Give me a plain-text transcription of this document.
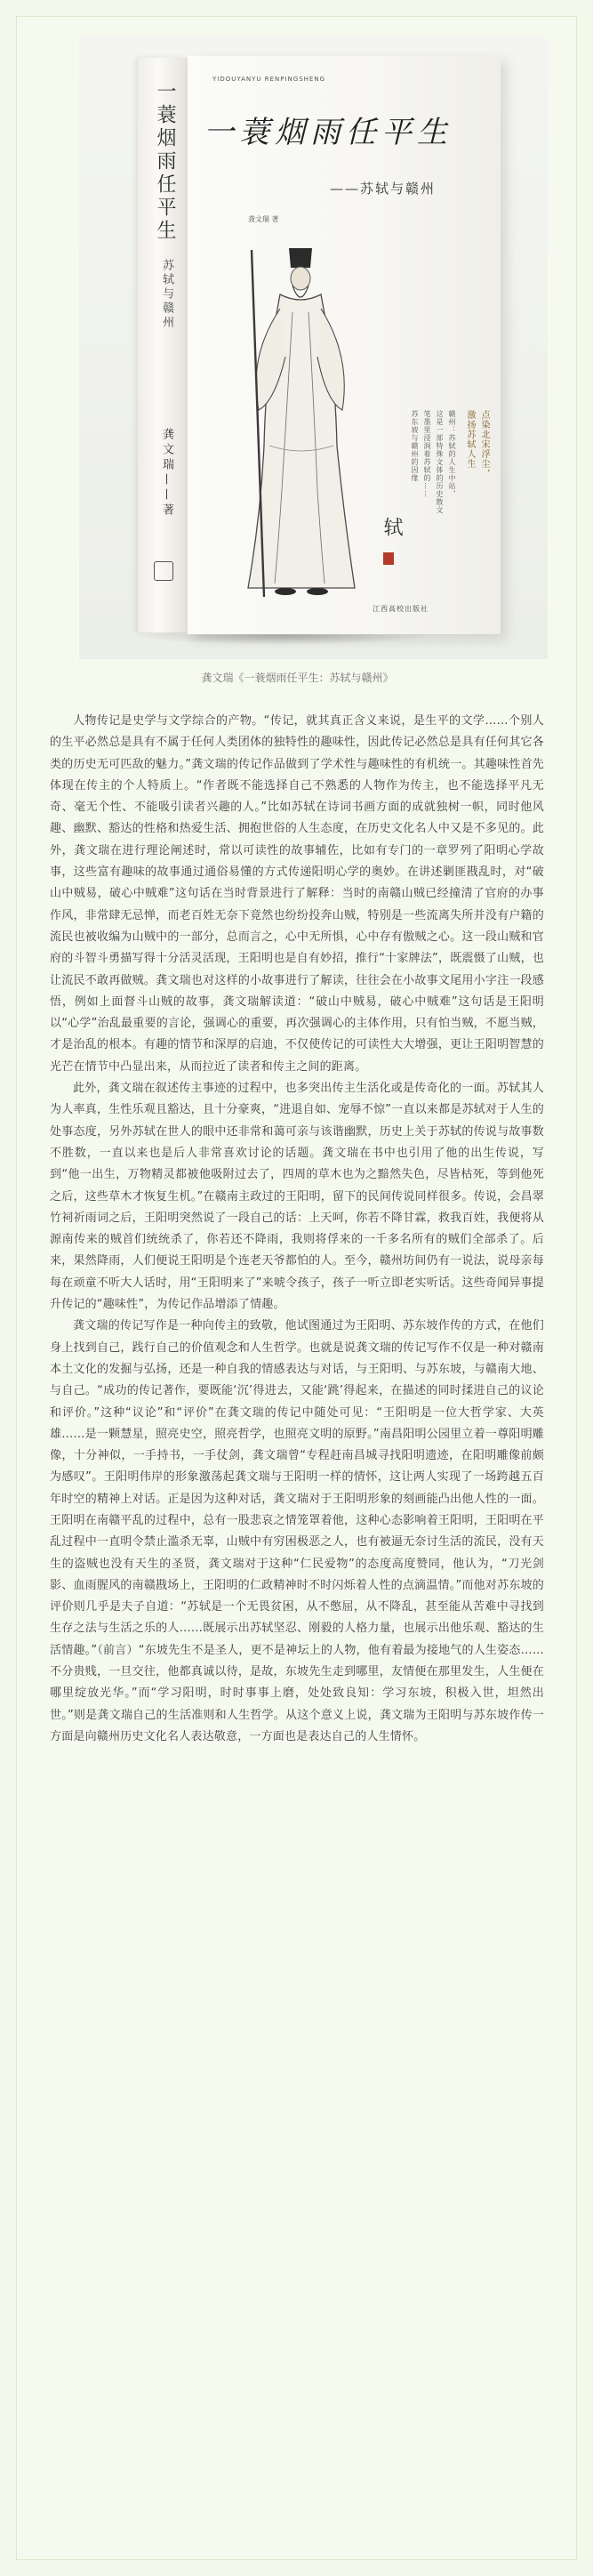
一蓑烟雨任平生
苏轼与赣州
龚文瑞——著
YIDOUYANYU RENPINGSHENG
一蓑烟雨任平生
——苏轼与赣州
龚文瑞 著
点染北宋浮尘，
激扬苏轼人生
赣州：苏轼的人生中站，
这是一部特殊文体的历史散文
笔墨里浸润着苏轼的……
苏东坡与赣州的因缘
轼
江西高校出版社
龚文瑞《一蓑烟雨任平生：苏轼与赣州》

人物传记是史学与文学综合的产物。“传记，就其真正含义来说，是生平的文学……个别人的生平必然总是具有不属于任何人类团体的独特性的趣味性，因此传记必然总是具有任何其它各类的历史无可匹敌的魅力。”龚文瑞的传记作品做到了学术性与趣味性的有机统一。其趣味性首先体现在传主的个人特质上。“作者既不能选择自己不熟悉的人物作为传主，也不能选择平凡无奇、毫无个性、不能吸引读者兴趣的人。”比如苏轼在诗词书画方面的成就独树一帜，同时他风趣、幽默、豁达的性格和热爱生活、拥抱世俗的人生态度，在历史文化名人中又是不多见的。此外，龚文瑞在进行理论阐述时，常以可读性的故事辅佐，比如有专门的一章罗列了阳明心学故事，这些富有趣味的故事通过通俗易懂的方式传递阳明心学的奥妙。在讲述剿匪戡乱时，对“破山中贼易，破心中贼难”这句话在当时背景进行了解释：当时的南赣山贼已经撞清了官府的办事作风，非常肆无忌惮，而老百姓无奈下竟然也纷纷投奔山贼，特别是一些流离失所并没有户籍的流民也被收编为山贼中的一部分，总而言之，心中无所惧，心中存有傲贼之心。这一段山贼和官府的斗智斗勇描写得十分活灵活现，王阳明也是自有妙招，推行“十家牌法”，既震慑了山贼，也让流民不敢再做贼。龚文瑞也对这样的小故事进行了解读，往往会在小故事文尾用小字注一段感悟，例如上面督斗山贼的故事，龚文瑞解读道：“破山中贼易，破心中贼难”这句话是王阳明以“心学”治乱最重要的言论，强调心的重要，再次强调心的主体作用，只有怕当贼，不愿当贼，才是治乱的根本。有趣的情节和深厚的启迪，不仅使传记的可读性大大增强，更让王阳明智慧的光芒在情节中凸显出来，从而拉近了读者和传主之间的距离。

此外，龚文瑞在叙述传主事迹的过程中，也多突出传主生活化或是传奇化的一面。苏轼其人为人率真，生性乐观且豁达，且十分豪爽，“进退自如、宠辱不惊”一直以来都是苏轼对于人生的处事态度，另外苏轼在世人的眼中还非常和蔼可亲与该谐幽默，历史上关于苏轼的传说与故事数不胜数，一直以来也是后人非常喜欢讨论的话题。龚文瑞在书中也引用了他的出生传说，写到“他一出生，万物精灵都被他吸附过去了，四周的草木也为之黯然失色，尽皆枯死，等到他死之后，这些草木才恢复生机。”在赣南主政过的王阳明，留下的民间传说同样很多。传说，会昌翠竹祠祈雨词之后，王阳明突然说了一段自己的话：上天呵，你若不降甘霖，救我百姓，我便将从源南传来的贼首们统统杀了，你若还不降雨，我则将俘来的一千多名所有的贼们全部杀了。后来，果然降雨，人们便说王阳明是个连老天爷都怕的人。至今，赣州坊间仍有一说法，说母亲每每在顽童不听大人话时，用“王阳明来了”来唬令孩子，孩子一听立即老实听话。这些奇闻异事提升传记的“趣味性”，为传记作品增添了情趣。

龚文瑞的传记写作是一种向传主的致敬，他试图通过为王阳明、苏东坡作传的方式，在他们身上找到自己，践行自己的价值观念和人生哲学。也就是说龚文瑞的传记写作不仅是一种对赣南本土文化的发掘与弘扬，还是一种自我的情感表达与对话，与王阳明、与苏东坡，与赣南大地、与自己。“成功的传记著作，要既能‘沉’得进去，又能‘跳’得起来，在描述的同时揉进自己的议论和评价。”这种“议论”和“评价”在龚文瑞的传记中随处可见：“王阳明是一位大哲学家、大英雄……是一颗慧星，照亮史空，照亮哲学，也照亮文明的原野。”南昌阳明公园里立着一尊阳明雕像，十分神似，一手持书，一手仗剑，龚文瑞曾“专程赶南昌城寻找阳明遗迹，在阳明雕像前颇为感叹”。王阳明伟岸的形象激荡起龚文瑞与王阳明一样的情怀，这让两人实现了一场跨越五百年时空的精神上对话。正是因为这种对话，龚文瑞对于王阳明形象的刻画能凸出他人性的一面。王阳明在南赣平乱的过程中，总有一股悲哀之情笼罩着他，这种心态影响着王阳明，王阳明在平乱过程中一直明令禁止滥杀无辜，山贼中有穷困极恶之人，也有被逼无奈讨生活的流民，没有天生的盗贼也没有天生的圣贤，龚文瑞对于这种“仁民爱物”的态度高度赞同，他认为，“刀光剑影、血雨腥风的南赣戡场上，王阳明的仁政精神时不时闪烁着人性的点滴温情。”而他对苏东坡的评价则几乎是夫子自道：“苏轼是一个无畏贫困，从不憋屈，从不降乱，甚至能从苦难中寻找到生存之法与生活之乐的人……既展示出苏轼坚忍、刚毅的人格力量，也展示出他乐观、豁达的生活情趣。”（前言）“东坡先生不是圣人，更不是神坛上的人物，他有着最为接地气的人生姿态……不分贵贱，一旦交往，他都真诚以待，是故，东坡先生走到哪里，友情便在那里发生，人生便在哪里绽放光华。”而“学习阳明，时时事事上磨，处处致良知：学习东坡，积极入世，坦然出世。”则是龚文瑞自己的生活准则和人生哲学。从这个意义上说，龚文瑞为王阳明与苏东坡作传一方面是向赣州历史文化名人表达敬意，一方面也是表达自己的人生情怀。
